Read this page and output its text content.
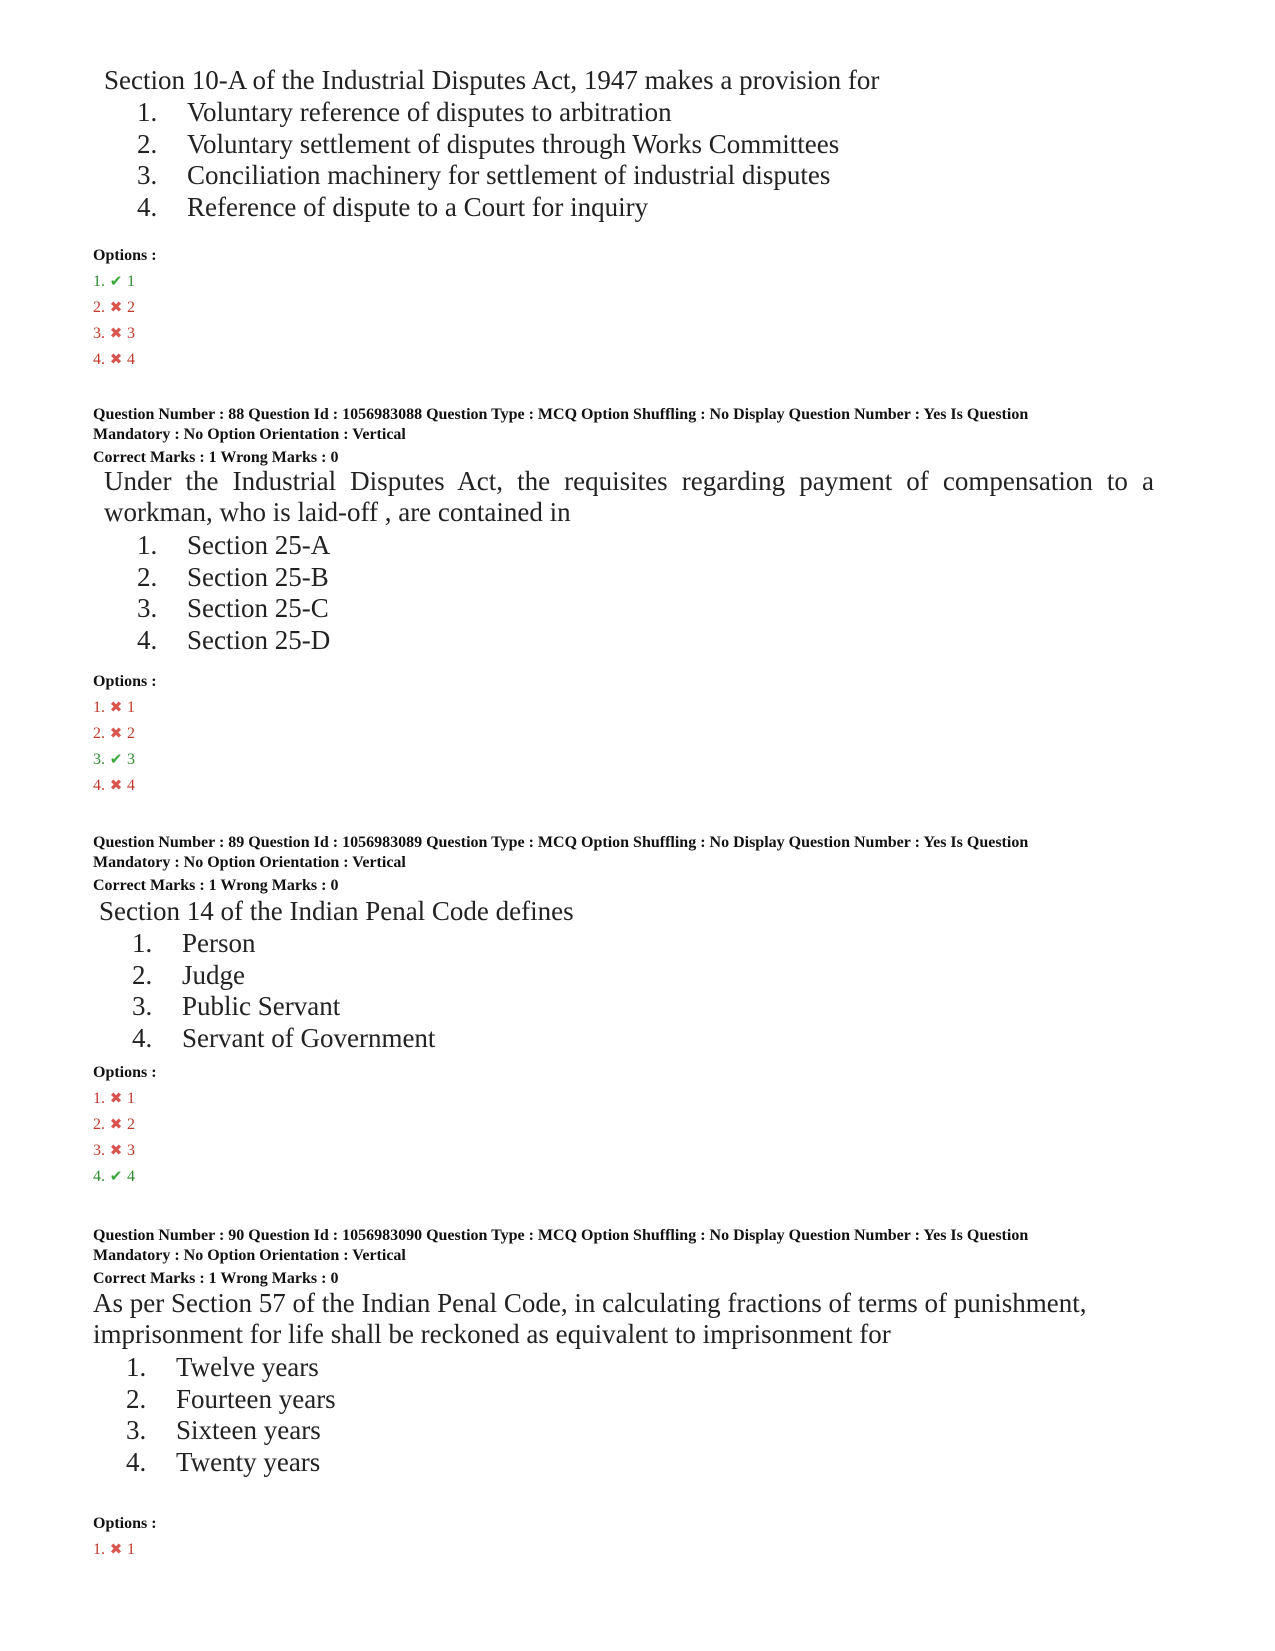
Section 10-A of the Industrial Disputes Act, 1947 makes a provision for
1. Voluntary reference of disputes to arbitration
2. Voluntary settlement of disputes through Works Committees
3. Conciliation machinery for settlement of industrial disputes
4. Reference of dispute to a Court for inquiry
Options :
1. ✔ 1
2. ✖ 2
3. ✖ 3
4. ✖ 4
Question Number : 88 Question Id : 1056983088 Question Type : MCQ Option Shuffling : No Display Question Number : Yes Is Question
Mandatory : No Option Orientation : Vertical
Correct Marks : 1 Wrong Marks : 0
Under the Industrial Disputes Act, the requisites regarding payment of compensation to a workman, who is laid-off , are contained in
1. Section 25-A
2. Section 25-B
3. Section 25-C
4. Section 25-D
Options :
1. ✖ 1
2. ✖ 2
3. ✔ 3
4. ✖ 4
Question Number : 89 Question Id : 1056983089 Question Type : MCQ Option Shuffling : No Display Question Number : Yes Is Question
Mandatory : No Option Orientation : Vertical
Correct Marks : 1 Wrong Marks : 0
Section 14 of the Indian Penal Code defines
1. Person
2. Judge
3. Public Servant
4. Servant of Government
Options :
1. ✖ 1
2. ✖ 2
3. ✖ 3
4. ✔ 4
Question Number : 90 Question Id : 1056983090 Question Type : MCQ Option Shuffling : No Display Question Number : Yes Is Question
Mandatory : No Option Orientation : Vertical
Correct Marks : 1 Wrong Marks : 0
As per Section 57 of the Indian Penal Code, in calculating fractions of terms of punishment, imprisonment for life shall be reckoned as equivalent to imprisonment for
1. Twelve years
2. Fourteen years
3. Sixteen years
4. Twenty years
Options :
1. ✖ 1
